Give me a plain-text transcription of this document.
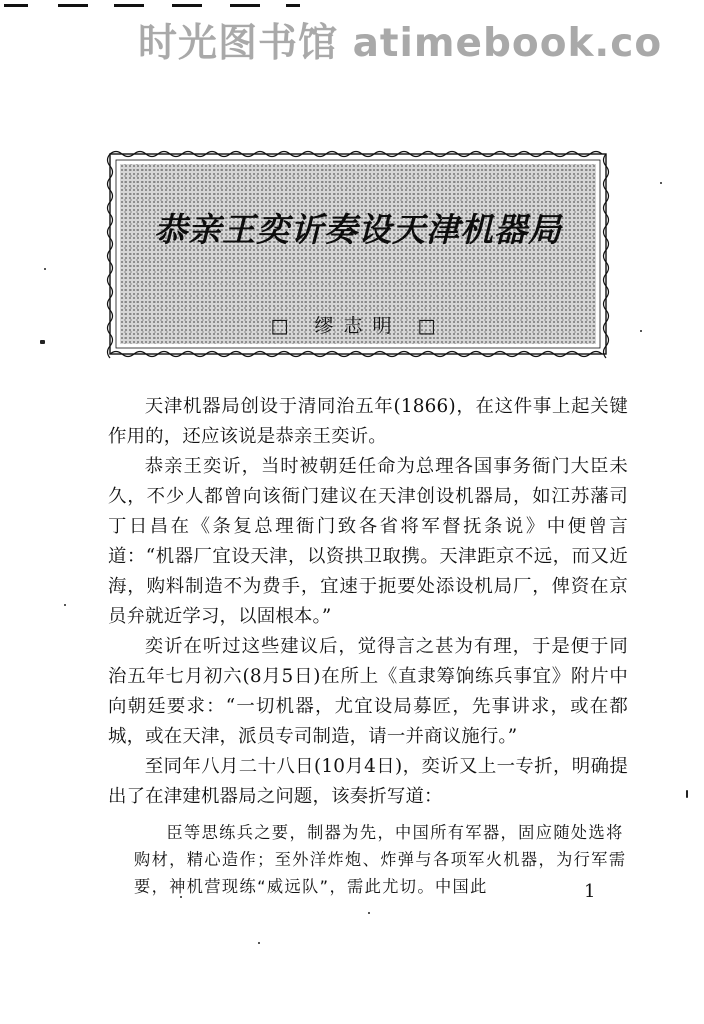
时光图书馆 atimebook.co
恭亲王奕䜣奏设天津机器局
□ 缪志明 □

天津机器局创设于清同治五年(1866)，在这件事上起关键作用的，还应该说是恭亲王奕䜣。

恭亲王奕䜣，当时被朝廷任命为总理各国事务衙门大臣未久，不少人都曾向该衙门建议在天津创设机器局，如江苏藩司丁日昌在《条复总理衙门致各省将军督抚条说》中便曾言道：“机器厂宜设天津，以资拱卫取携。天津距京不远，而又近海，购料制造不为费手，宜速于扼要处添设机局厂，俾资在京员弁就近学习，以固根本。”

奕䜣在听过这些建议后，觉得言之甚为有理，于是便于同治五年七月初六(8月5日)在所上《直隶筹饷练兵事宜》附片中向朝廷要求：“一切机器，尤宜设局募匠，先事讲求，或在都城，或在天津，派员专司制造，请一并商议施行。”

至同年八月二十八日(10月4日)，奕䜣又上一专折，明确提出了在津建机器局之问题，该奏折写道：

臣等思练兵之要，制器为先，中国所有军器，固应随处选将购材，精心造作；至外洋炸炮、炸弹与各项军火机器，为行军需要，神机营现练“威远队”，需此尤切。中国此	1
